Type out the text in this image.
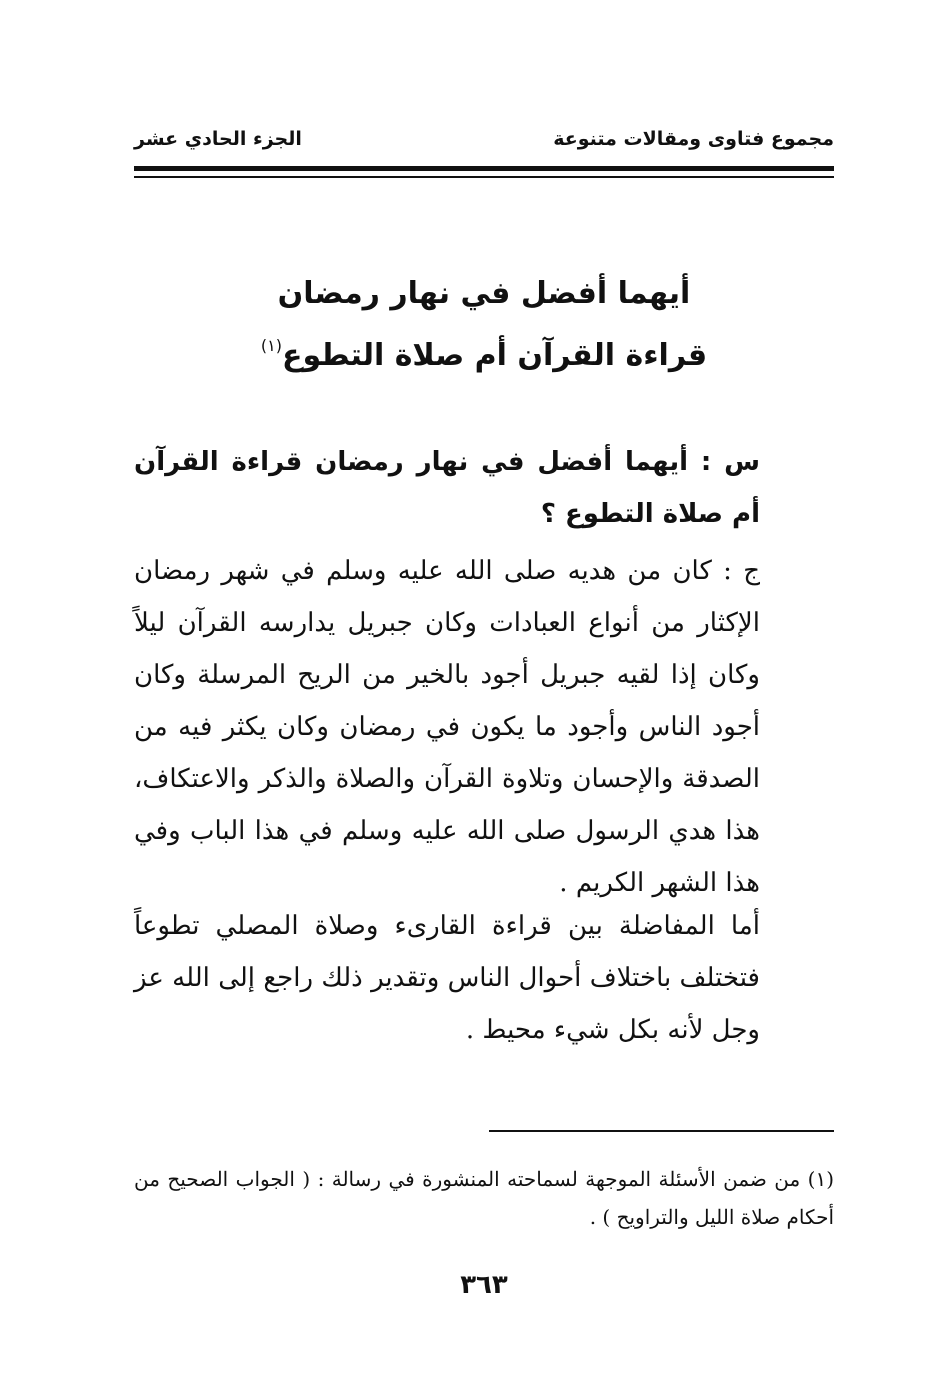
مجموع فتاوى ومقالات متنوعة
الجزء الحادي عشر
أيهما أفضل في نهار رمضان
قراءة القرآن أم صلاة التطوع$^{(١)}$
س : أيهما أفضل في نهار رمضان قراءة القرآن أم صلاة التطوع ؟
ج : كان من هديه صلى الله عليه وسلم في شهر رمضان الإكثار من أنواع العبادات وكان جبريل يدارسه القرآن ليلاً وكان إذا لقيه جبريل أجود بالخير من الريح المرسلة وكان أجود الناس وأجود ما يكون في رمضان وكان يكثر فيه من الصدقة والإحسان وتلاوة القرآن والصلاة والذكر والاعتكاف، هذا هدي الرسول صلى الله عليه وسلم في هذا الباب وفي هذا الشهر الكريم .
أما المفاضلة بين قراءة القارىء وصلاة المصلي تطوعاً فتختلف باختلاف أحوال الناس وتقدير ذلك راجع إلى الله عز وجل لأنه بكل شيء محيط .
(١) من ضمن الأسئلة الموجهة لسماحته المنشورة في رسالة : ( الجواب الصحيح من أحكام صلاة الليل والتراويح ) .
٣٦٣
